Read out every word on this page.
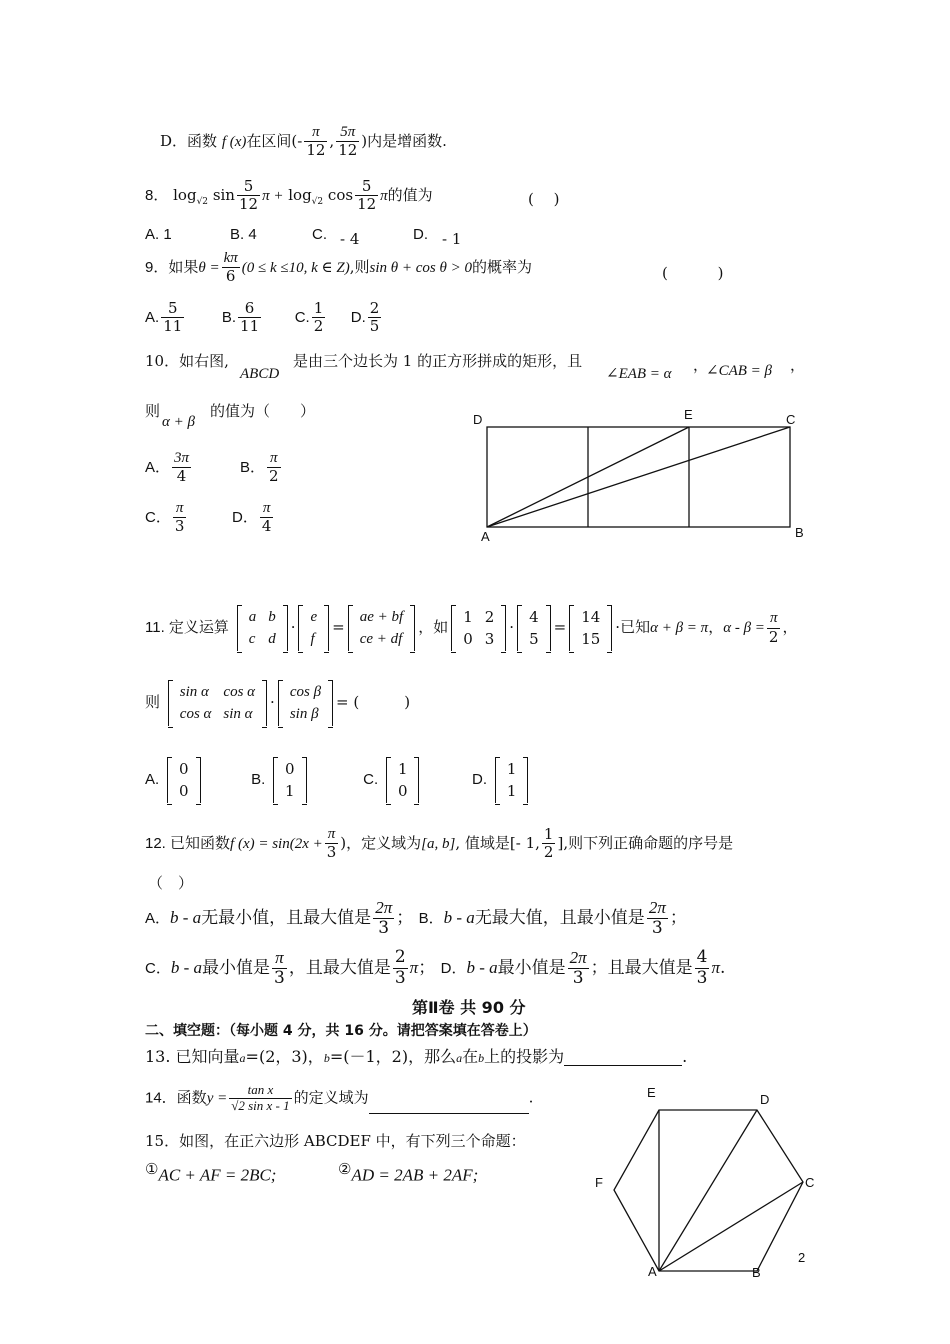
D．函数 f (x)在区间(- $\frac{\pi}{12}$ , $\frac{5\pi}{12}$ )内是增函数.
8． $\log_{√2} \sin \frac{5}{12}$ $\pi + \log_{√2} \cos \frac{5}{12}$ π的值为	(　 )
A. 1	B. 4	C. - 4	D. - 1
9．如果$\theta = \frac{k\pi}{6} (0 \le k \le 10$, k ∈ Z),则sin θ + cos θ > 0的概率为	(　 　　)
A. $\frac{5}{11}$	B. $\frac{6}{11} C$. $\frac{1}{2} D$. $\frac{2}{5}$
10．如右图,
ABCD
是由三个边长为 1 的正方形拼成的矩形，且
∠EAB = α ，
∠CAB = β ，
则
α + β
的值为（　　）
A． $\frac{3\pi}{4}$	B． $\frac{\pi}{2}$
C． $\frac{\pi}{3}$	D． $\frac{\pi}{4}$
D	E	C
A	B
11. 定义运算
a	b
c	d
·
e
f
=
ae + bf
ce + df
，如
1	2
0	3
·
4
5
=
14
15
·已知α + β = π，$\alpha - \beta = \frac{\pi}{2}$ ，
则
sin α	cos α
cos α	sin α
·
cos β
sin β
= (　　　)
A.
0
0
B.
0
1
C.
1
0
D.
1
1
12. 已知函数f $(x) = \sin(2x + \frac{\pi}{3}$ )，定义域为[a, b], 值域是[- 1, $\frac{1}{2}$ ],则下列正确命题的序号是
（　）
A．b - a无最小值，且最大值是 $\frac{2\pi}{3}$ ； B．b - a无最大值，且最小值是 $\frac{2\pi}{3}$ ；
C．b - a最小值是 $\frac{\pi}{3}$ ，且最大值是 $\frac{2}{3}$ π； D．b - a最小值是 $\frac{2\pi}{3}$ ；且最大值是 $\frac{4}{3} \pi$.
第Ⅱ卷 共 90 分
二、填空题：（每小题 4 分，共 16 分。请把答案填在答卷上）
13. 已知向量a=(2，3)，b=(－1，2)，那么a在b上的投影为	.
14．函数$y = \frac{\text{tan x}}{\text{√2 sin x - 1}}$ 的定义域为	.
15．如图，在正六边形 ABCDEF 中，有下列三个命题：
①AC + AF = 2BC;	②AD = 2AB + 2AF;
E	D
F	C
A	B
2
